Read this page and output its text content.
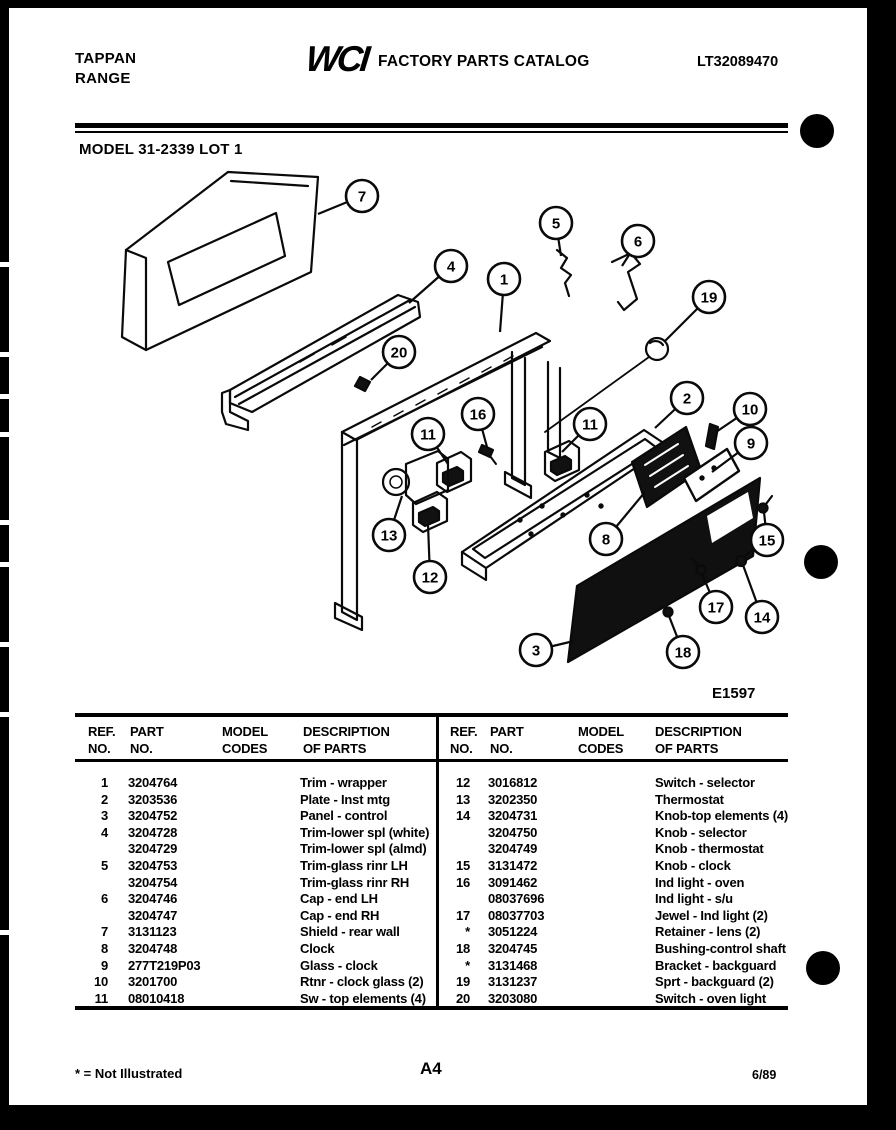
TAPPAN
RANGE	WCI FACTORY PARTS CATALOG	LT32089470
MODEL 31-2339 LOT 1
7
4
20
1
5
6
19
2
10
9
16
11
11
13
12
8
3	18
17
14
15
E1597
REF.
NO.
PART
NO.
MODEL
CODES
DESCRIPTION
OF PARTS
1 3204764	Trim - wrapper
2 3203536	Plate - Inst mtg
3 3204752	Panel - control
4 3204728	Trim-lower spl (white)
3204729	Trim-lower spl (almd)
5 3204753	Trim-glass rinr LH
3204754	Trim-glass rinr RH
6 3204746	Cap - end LH
3204747	Cap - end RH
7 3131123	Shield - rear wall
8 3204748	Clock
9 277T219P03	Glass - clock
10 3201700	Rtnr - clock glass (2)
11 08010418	Sw - top elements (4)
REF.
NO.
PART
NO.
MODEL
CODES
DESCRIPTION
OF PARTS
12 3016812	Switch - selector
13 3202350	Thermostat
14 3204731	Knob-top elements (4)
3204750	Knob - selector
3204749	Knob - thermostat
15 3131472	Knob - clock
16 3091462	Ind light - oven
08037696	Ind light - s/u
17 08037703	Jewel - Ind light (2)
* 3051224	Retainer - lens (2)
18 3204745	Bushing-control shaft
* 3131468	Bracket - backguard
19 3131237	Sprt - backguard (2)
20 3203080	Switch - oven light
* = Not Illustrated	A4	6/89
